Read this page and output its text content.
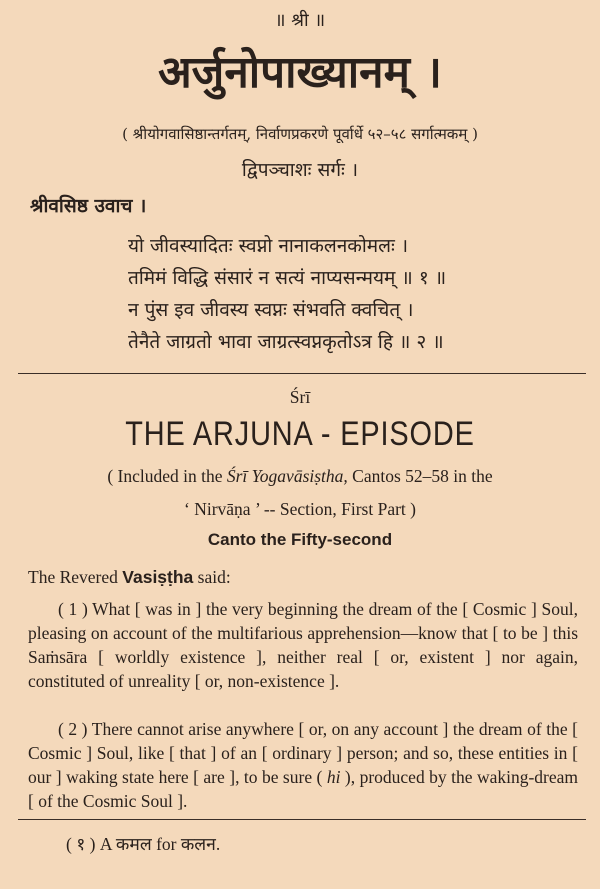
॥ श्री ॥
अर्जुनोपाख्यानम् ।
( श्रीयोगवासिष्ठान्तर्गतम्, निर्वाणप्रकरणे पूर्वार्धे ५२–५८ सर्गात्मकम् )
द्विपञ्चाशः सर्गः ।
श्रीवसिष्ठ उवाच ।
यो जीवस्यादितः स्वप्नो नानाकलनकोमलः ।
तमिमं विद्धि संसारं न सत्यं नाप्यसन्मयम् ॥ १ ॥
न पुंस इव जीवस्य स्वप्नः संभवति क्वचित् ।
तेनैते जाग्रतो भावा जाग्रत्स्वप्नकृतोऽत्र हि ॥ २ ॥
Śrī
THE ARJUNA - EPISODE
( Included in the Śrī Yogavāsiṣtha, Cantos 52–58 in the
‘ Nirvāṇa ’ -- Section, First Part )
Canto the Fifty-second
The Revered Vasiṣṭha said:
( 1 ) What [ was in ] the very beginning the dream of the [ Cosmic ] Soul, pleasing on account of the multifarious apprehension—know that [ to be ] this Saṁsāra [ worldly existence ], neither real [ or, existent ] nor again, constituted of unreality [ or, non-existence ].
( 2 ) There cannot arise anywhere [ or, on any account ] the dream of the [ Cosmic ] Soul, like [ that ] of an [ ordinary ] person; and so, these entities in [ our ] waking state here [ are ], to be sure ( hi ), produced by the waking-dream [ of the Cosmic Soul ].
( १ ) A कमल for कलन.
